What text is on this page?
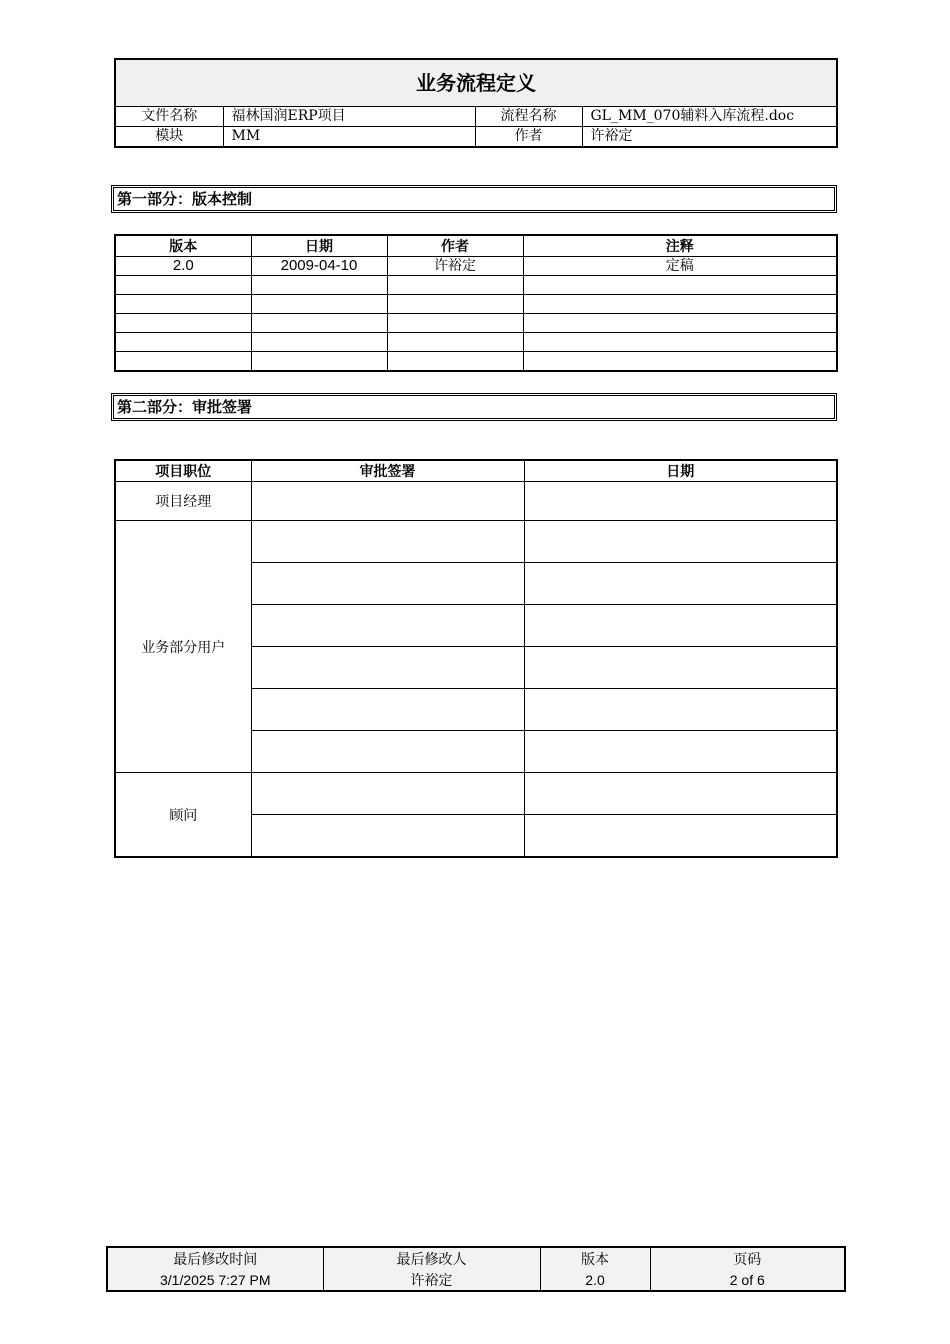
业务流程定义			
文件名称	福林国润ERP项目	流程名称	GL_MM_070辅料入库流程.doc
模块	MM	作者	许裕定
第一部分：版本控制
版本	日期	作者	注释
2.0	2009-04-10	许裕定	定稿

第二部分：审批签署
项目职位	审批签署	日期
项目经理		
业务部分用户		

顾问		

最后修改时间	最后修改人	版本	页码
3/1/2025 7:27 PM	许裕定	2.0	2 of 6
